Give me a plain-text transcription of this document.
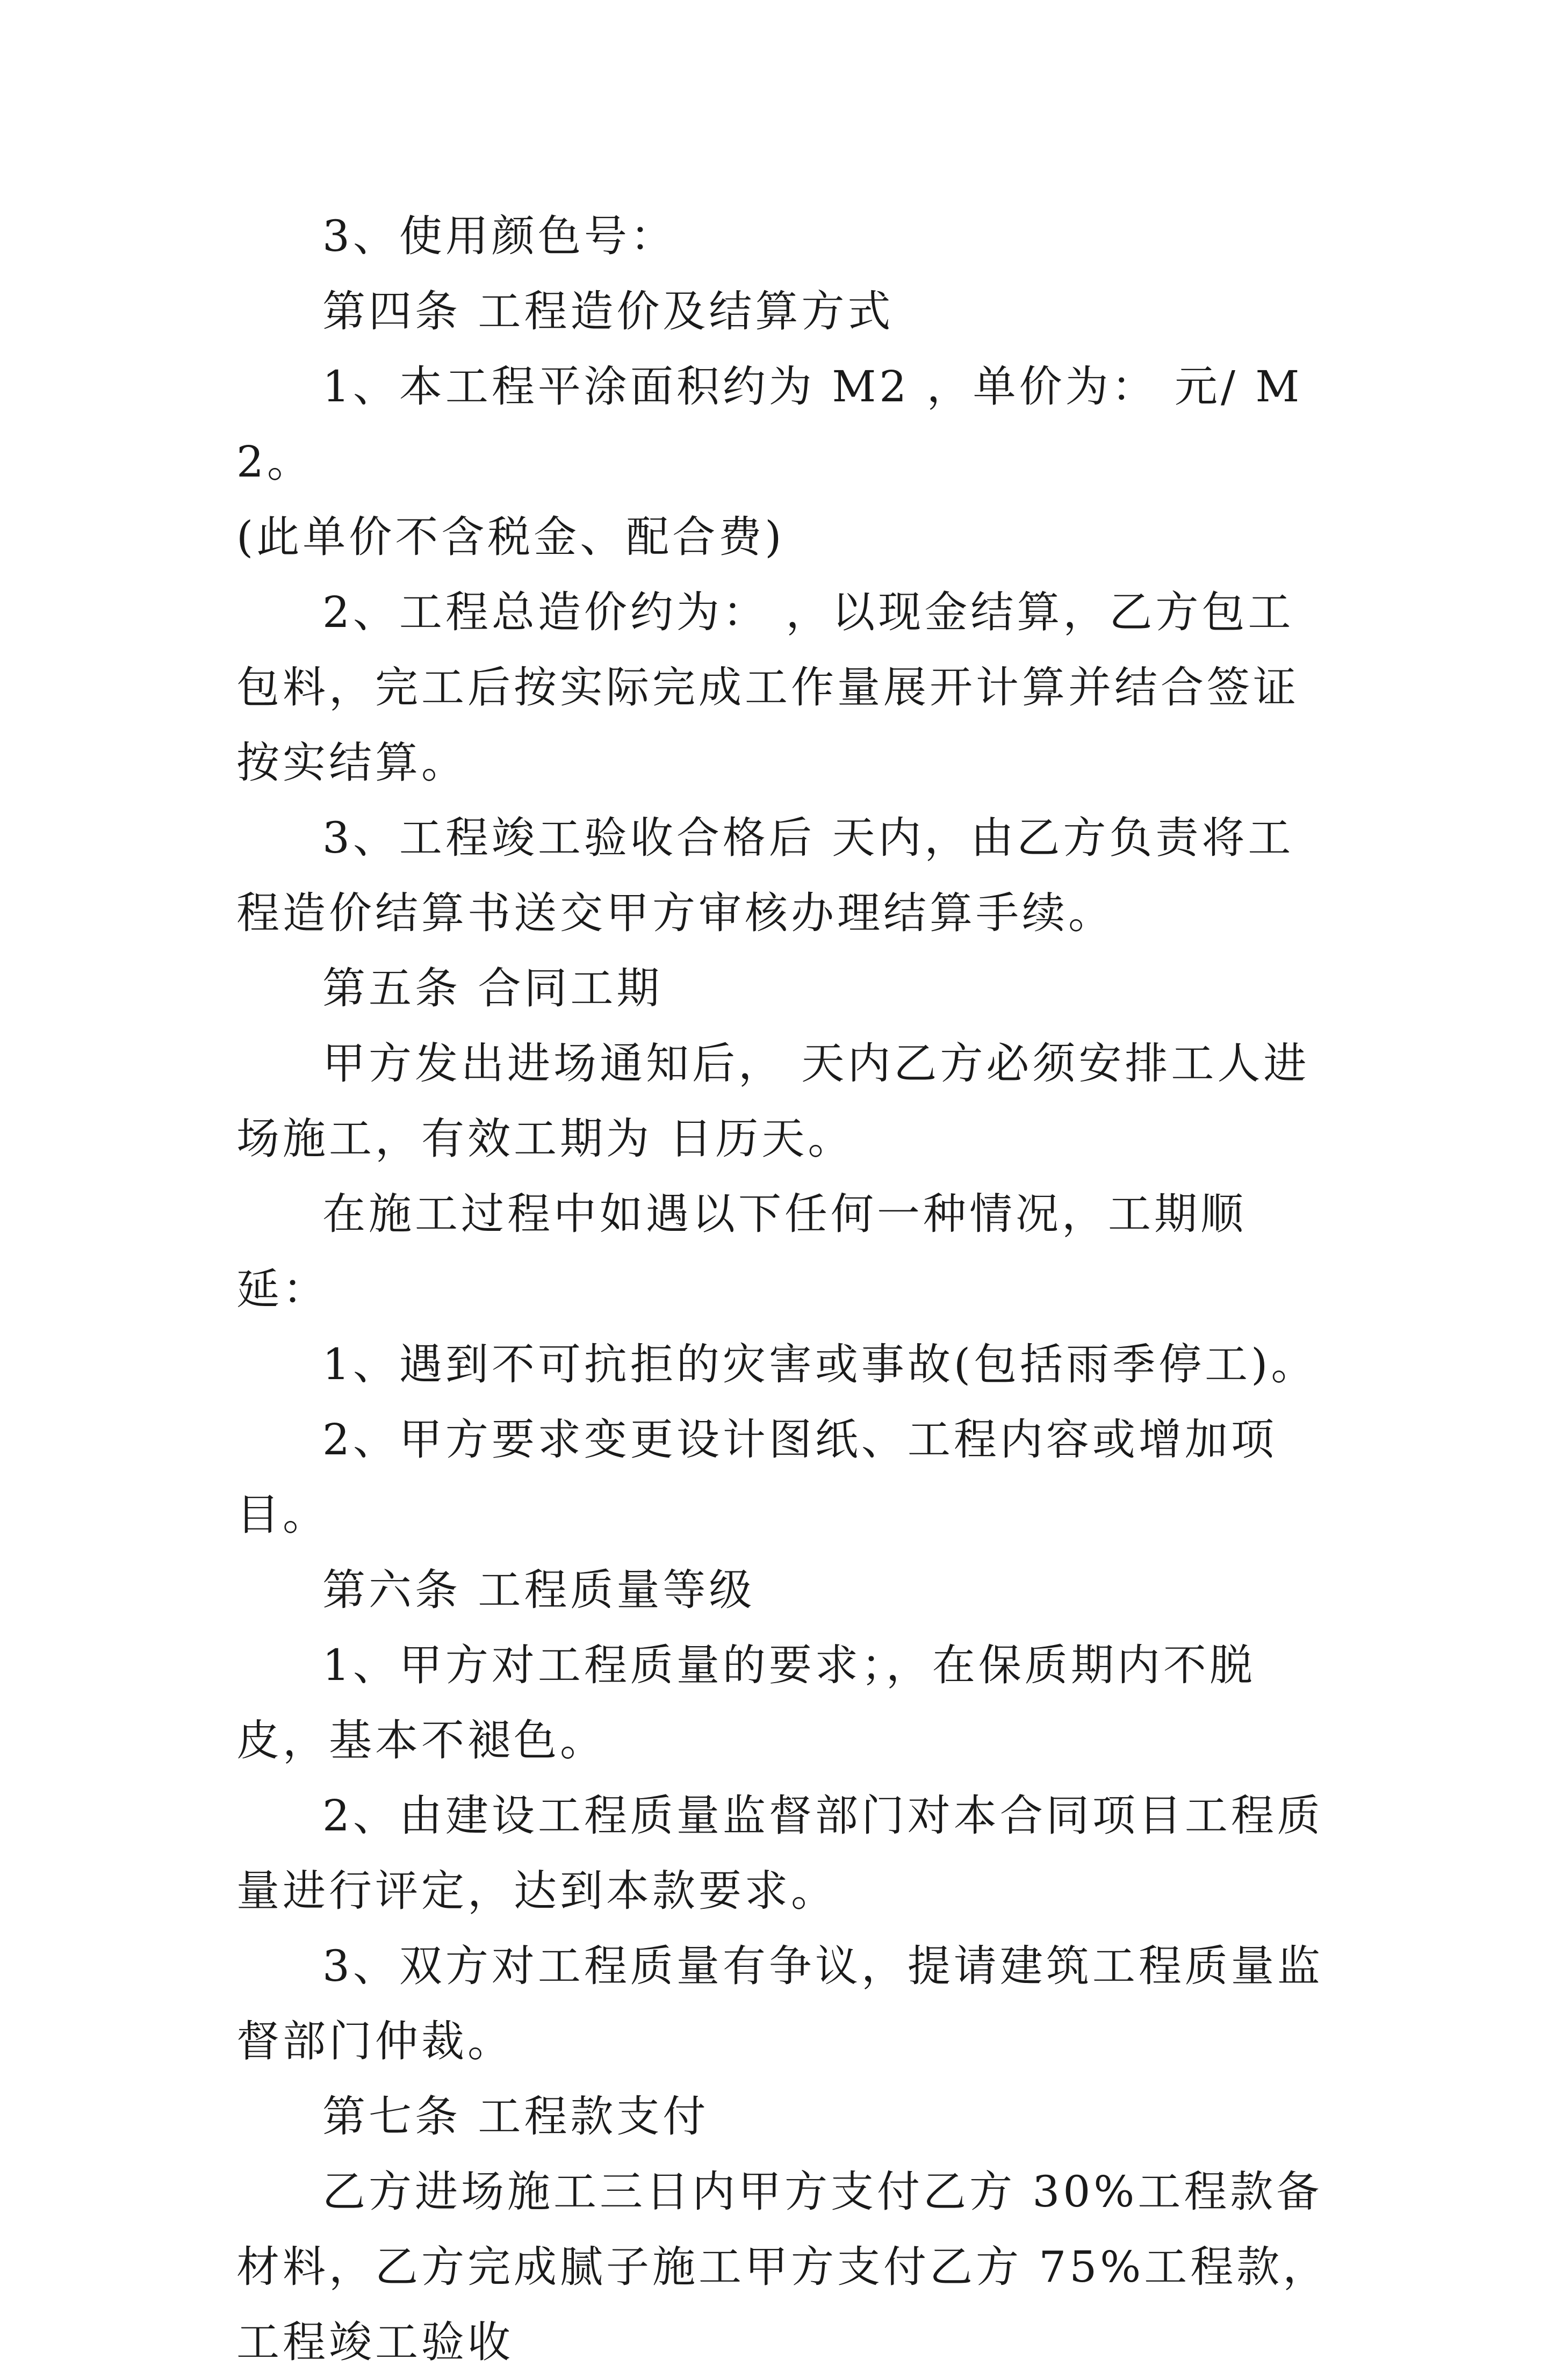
3、使用颜色号：

第四条 工程造价及结算方式

1、本工程平涂面积约为 M2 ，单价为： 元/ M2。

(此单价不含税金、配合费)

2、工程总造价约为： ，以现金结算，乙方包工包料，完工后按实际完成工作量展开计算并结合签证按实结算。

3、工程竣工验收合格后 天内，由乙方负责将工程造价结算书送交甲方审核办理结算手续。

第五条 合同工期

甲方发出进场通知后， 天内乙方必须安排工人进场施工，有效工期为 日历天。

在施工过程中如遇以下任何一种情况，工期顺延：

1、遇到不可抗拒的灾害或事故(包括雨季停工)。

2、甲方要求变更设计图纸、工程内容或增加项目。

第六条 工程质量等级

1、甲方对工程质量的要求；，在保质期内不脱皮，基本不褪色。

2、由建设工程质量监督部门对本合同项目工程质量进行评定，达到本款要求。

3、双方对工程质量有争议，提请建筑工程质量监督部门仲裁。

第七条 工程款支付

乙方进场施工三日内甲方支付乙方 30%工程款备材料，乙方完成腻子施工甲方支付乙方 75%工程款，工程竣工验收
